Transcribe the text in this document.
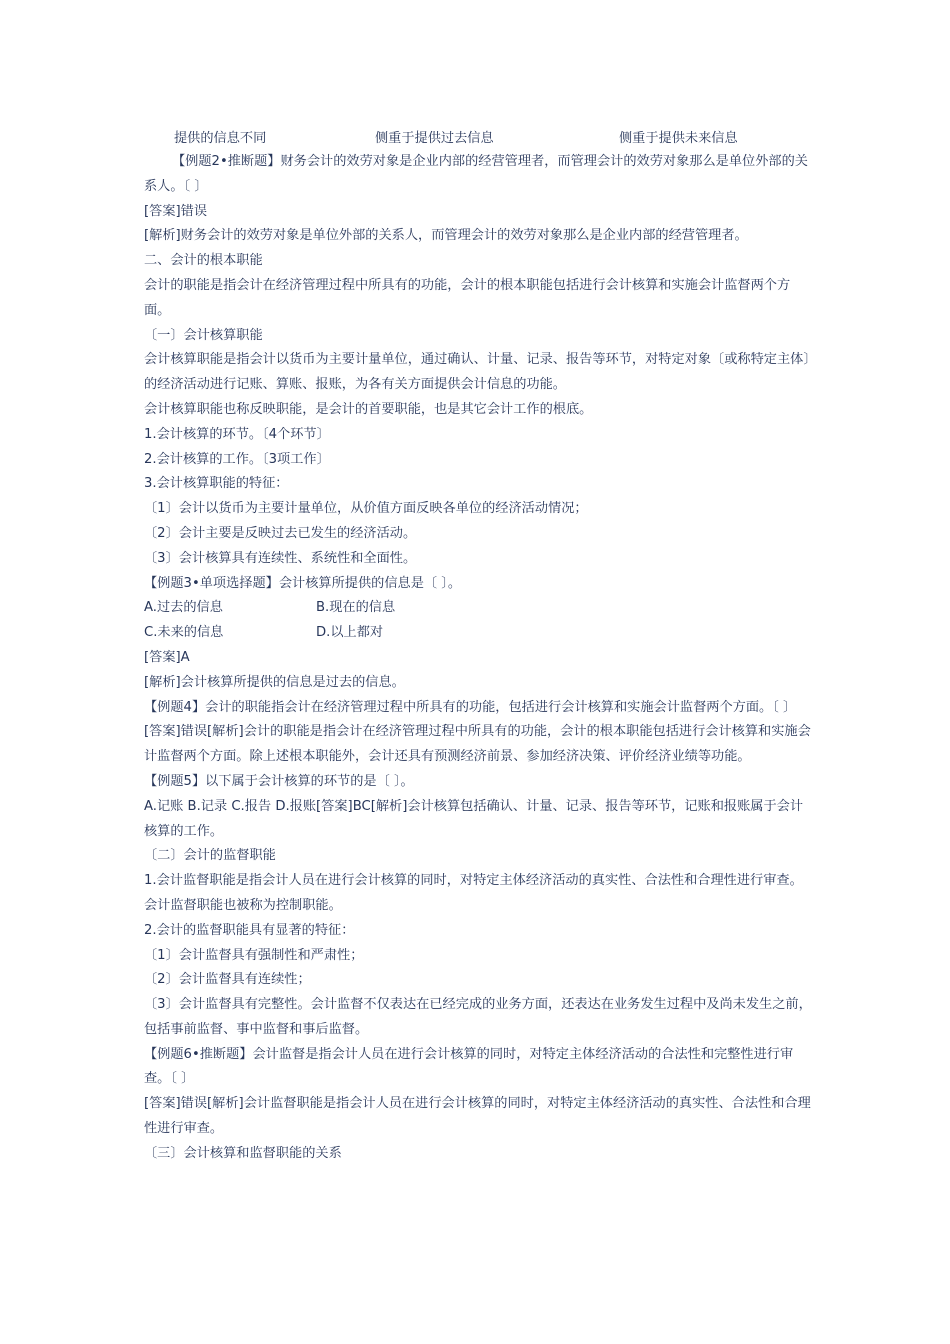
提供的信息不同	侧重于提供过去信息	侧重于提供未来信息

【例题2•推断题】财务会计的效劳对象是企业内部的经营管理者，而管理会计的效劳对象那么是单位外部的关系人。〔 〕

[答案]错误

[解析]财务会计的效劳对象是单位外部的关系人，而管理会计的效劳对象那么是企业内部的经营管理者。

二、会计的根本职能

会计的职能是指会计在经济管理过程中所具有的功能，会计的根本职能包括进行会计核算和实施会计监督两个方面。

〔一〕会计核算职能

会计核算职能是指会计以货币为主要计量单位，通过确认、计量、记录、报告等环节，对特定对象〔或称特定主体〕的经济活动进行记账、算账、报账，为各有关方面提供会计信息的功能。

会计核算职能也称反映职能，是会计的首要职能，也是其它会计工作的根底。

1.会计核算的环节。〔4个环节〕

2.会计核算的工作。〔3项工作〕

3.会计核算职能的特征：

〔1〕会计以货币为主要计量单位，从价值方面反映各单位的经济活动情况；

〔2〕会计主要是反映过去已发生的经济活动。

〔3〕会计核算具有连续性、系统性和全面性。

【例题3•单项选择题】会计核算所提供的信息是〔 〕。

A.过去的信息	B.现在的信息
C.未来的信息	D.以上都对

[答案]A

[解析]会计核算所提供的信息是过去的信息。

【例题4】会计的职能指会计在经济管理过程中所具有的功能，包括进行会计核算和实施会计监督两个方面。〔 〕

[答案]错误[解析]会计的职能是指会计在经济管理过程中所具有的功能，会计的根本职能包括进行会计核算和实施会计监督两个方面。除上述根本职能外，会计还具有预测经济前景、参加经济决策、评价经济业绩等功能。

【例题5】以下属于会计核算的环节的是〔 〕。

A.记账 B.记录 C.报告 D.报账[答案]BC[解析]会计核算包括确认、计量、记录、报告等环节，记账和报账属于会计核算的工作。

〔二〕会计的监督职能

1.会计监督职能是指会计人员在进行会计核算的同时，对特定主体经济活动的真实性、合法性和合理性进行审查。会计监督职能也被称为控制职能。

2.会计的监督职能具有显著的特征：

〔1〕会计监督具有强制性和严肃性；

〔2〕会计监督具有连续性；

〔3〕会计监督具有完整性。会计监督不仅表达在已经完成的业务方面，还表达在业务发生过程中及尚未发生之前，包括事前监督、事中监督和事后监督。

【例题6•推断题】会计监督是指会计人员在进行会计核算的同时，对特定主体经济活动的合法性和完整性进行审查。〔 〕

[答案]错误[解析]会计监督职能是指会计人员在进行会计核算的同时，对特定主体经济活动的真实性、合法性和合理性进行审查。

〔三〕会计核算和监督职能的关系
